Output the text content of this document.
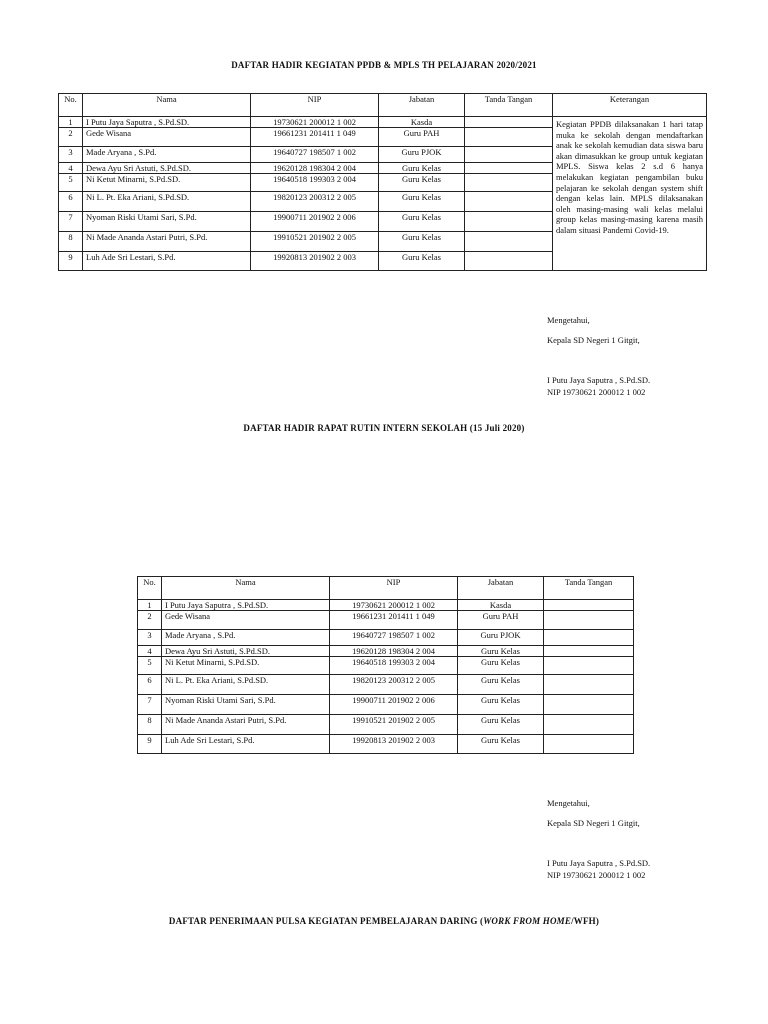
DAFTAR HADIR KEGIATAN PPDB & MPLS TH PELAJARAN 2020/2021
No.	Nama	NIP	Jabatan	Tanda Tangan	Keterangan
1	I Putu Jaya Saputra , S.Pd.SD.	19730621 200012 1 002	Kasda		Kegiatan PPDB dilaksanakan 1 hari tatap muka ke sekolah dengan mendaftarkan anak ke sekolah kemudian data siswa baru akan dimasukkan ke group untuk kegiatan MPLS. Siswa kelas 2 s.d 6 hanya melakukan kegiatan pengambilan buku pelajaran ke sekolah dengan system shift dengan kelas lain. MPLS dilaksanakan oleh masing-masing wali kelas melalui group kelas masing-masing karena masih dalam situasi Pandemi Covid-19.
2	Gede Wisana	19661231 201411 1 049	Guru PAH		
3	Made Aryana , S.Pd.	19640727 198507 1 002	Guru PJOK		
4	Dewa Ayu Sri Astuti, S.Pd.SD.	19620128 198304 2 004	Guru Kelas		
5	Ni Ketut Minarni, S.Pd.SD.	19640518 199303 2 004	Guru Kelas		
6	Ni L. Pt. Eka Ariani, S.Pd.SD.	19820123 200312 2 005	Guru Kelas		
7	Nyoman Riski Utami Sari, S.Pd.	19900711 201902 2 006	Guru Kelas		
8	Ni Made Ananda Astari Putri, S.Pd.	19910521 201902 2 005	Guru Kelas		
9	Luh Ade Sri Lestari, S.Pd.	19920813 201902 2 003	Guru Kelas		
Mengetahui,
Kepala SD Negeri 1 Gitgit,
I Putu Jaya Saputra , S.Pd.SD.
NIP 19730621 200012 1 002
DAFTAR HADIR RAPAT RUTIN INTERN SEKOLAH (15 Juli 2020)
No.	Nama	NIP	Jabatan	Tanda Tangan
1	I Putu Jaya Saputra , S.Pd.SD.	19730621 200012 1 002	Kasda	
2	Gede Wisana	19661231 201411 1 049	Guru PAH	
3	Made Aryana , S.Pd.	19640727 198507 1 002	Guru PJOK	
4	Dewa Ayu Sri Astuti, S.Pd.SD.	19620128 198304 2 004	Guru Kelas	
5	Ni Ketut Minarni, S.Pd.SD.	19640518 199303 2 004	Guru Kelas	
6	Ni L. Pt. Eka Ariani, S.Pd.SD.	19820123 200312 2 005	Guru Kelas	
7	Nyoman Riski Utami Sari, S.Pd.	19900711 201902 2 006	Guru Kelas	
8	Ni Made Ananda Astari Putri, S.Pd.	19910521 201902 2 005	Guru Kelas	
9	Luh Ade Sri Lestari, S.Pd.	19920813 201902 2 003	Guru Kelas	
Mengetahui,
Kepala SD Negeri 1 Gitgit,
I Putu Jaya Saputra , S.Pd.SD.
NIP 19730621 200012 1 002
DAFTAR PENERIMAAN PULSA KEGIATAN PEMBELAJARAN DARING (WORK FROM HOME/WFH)
